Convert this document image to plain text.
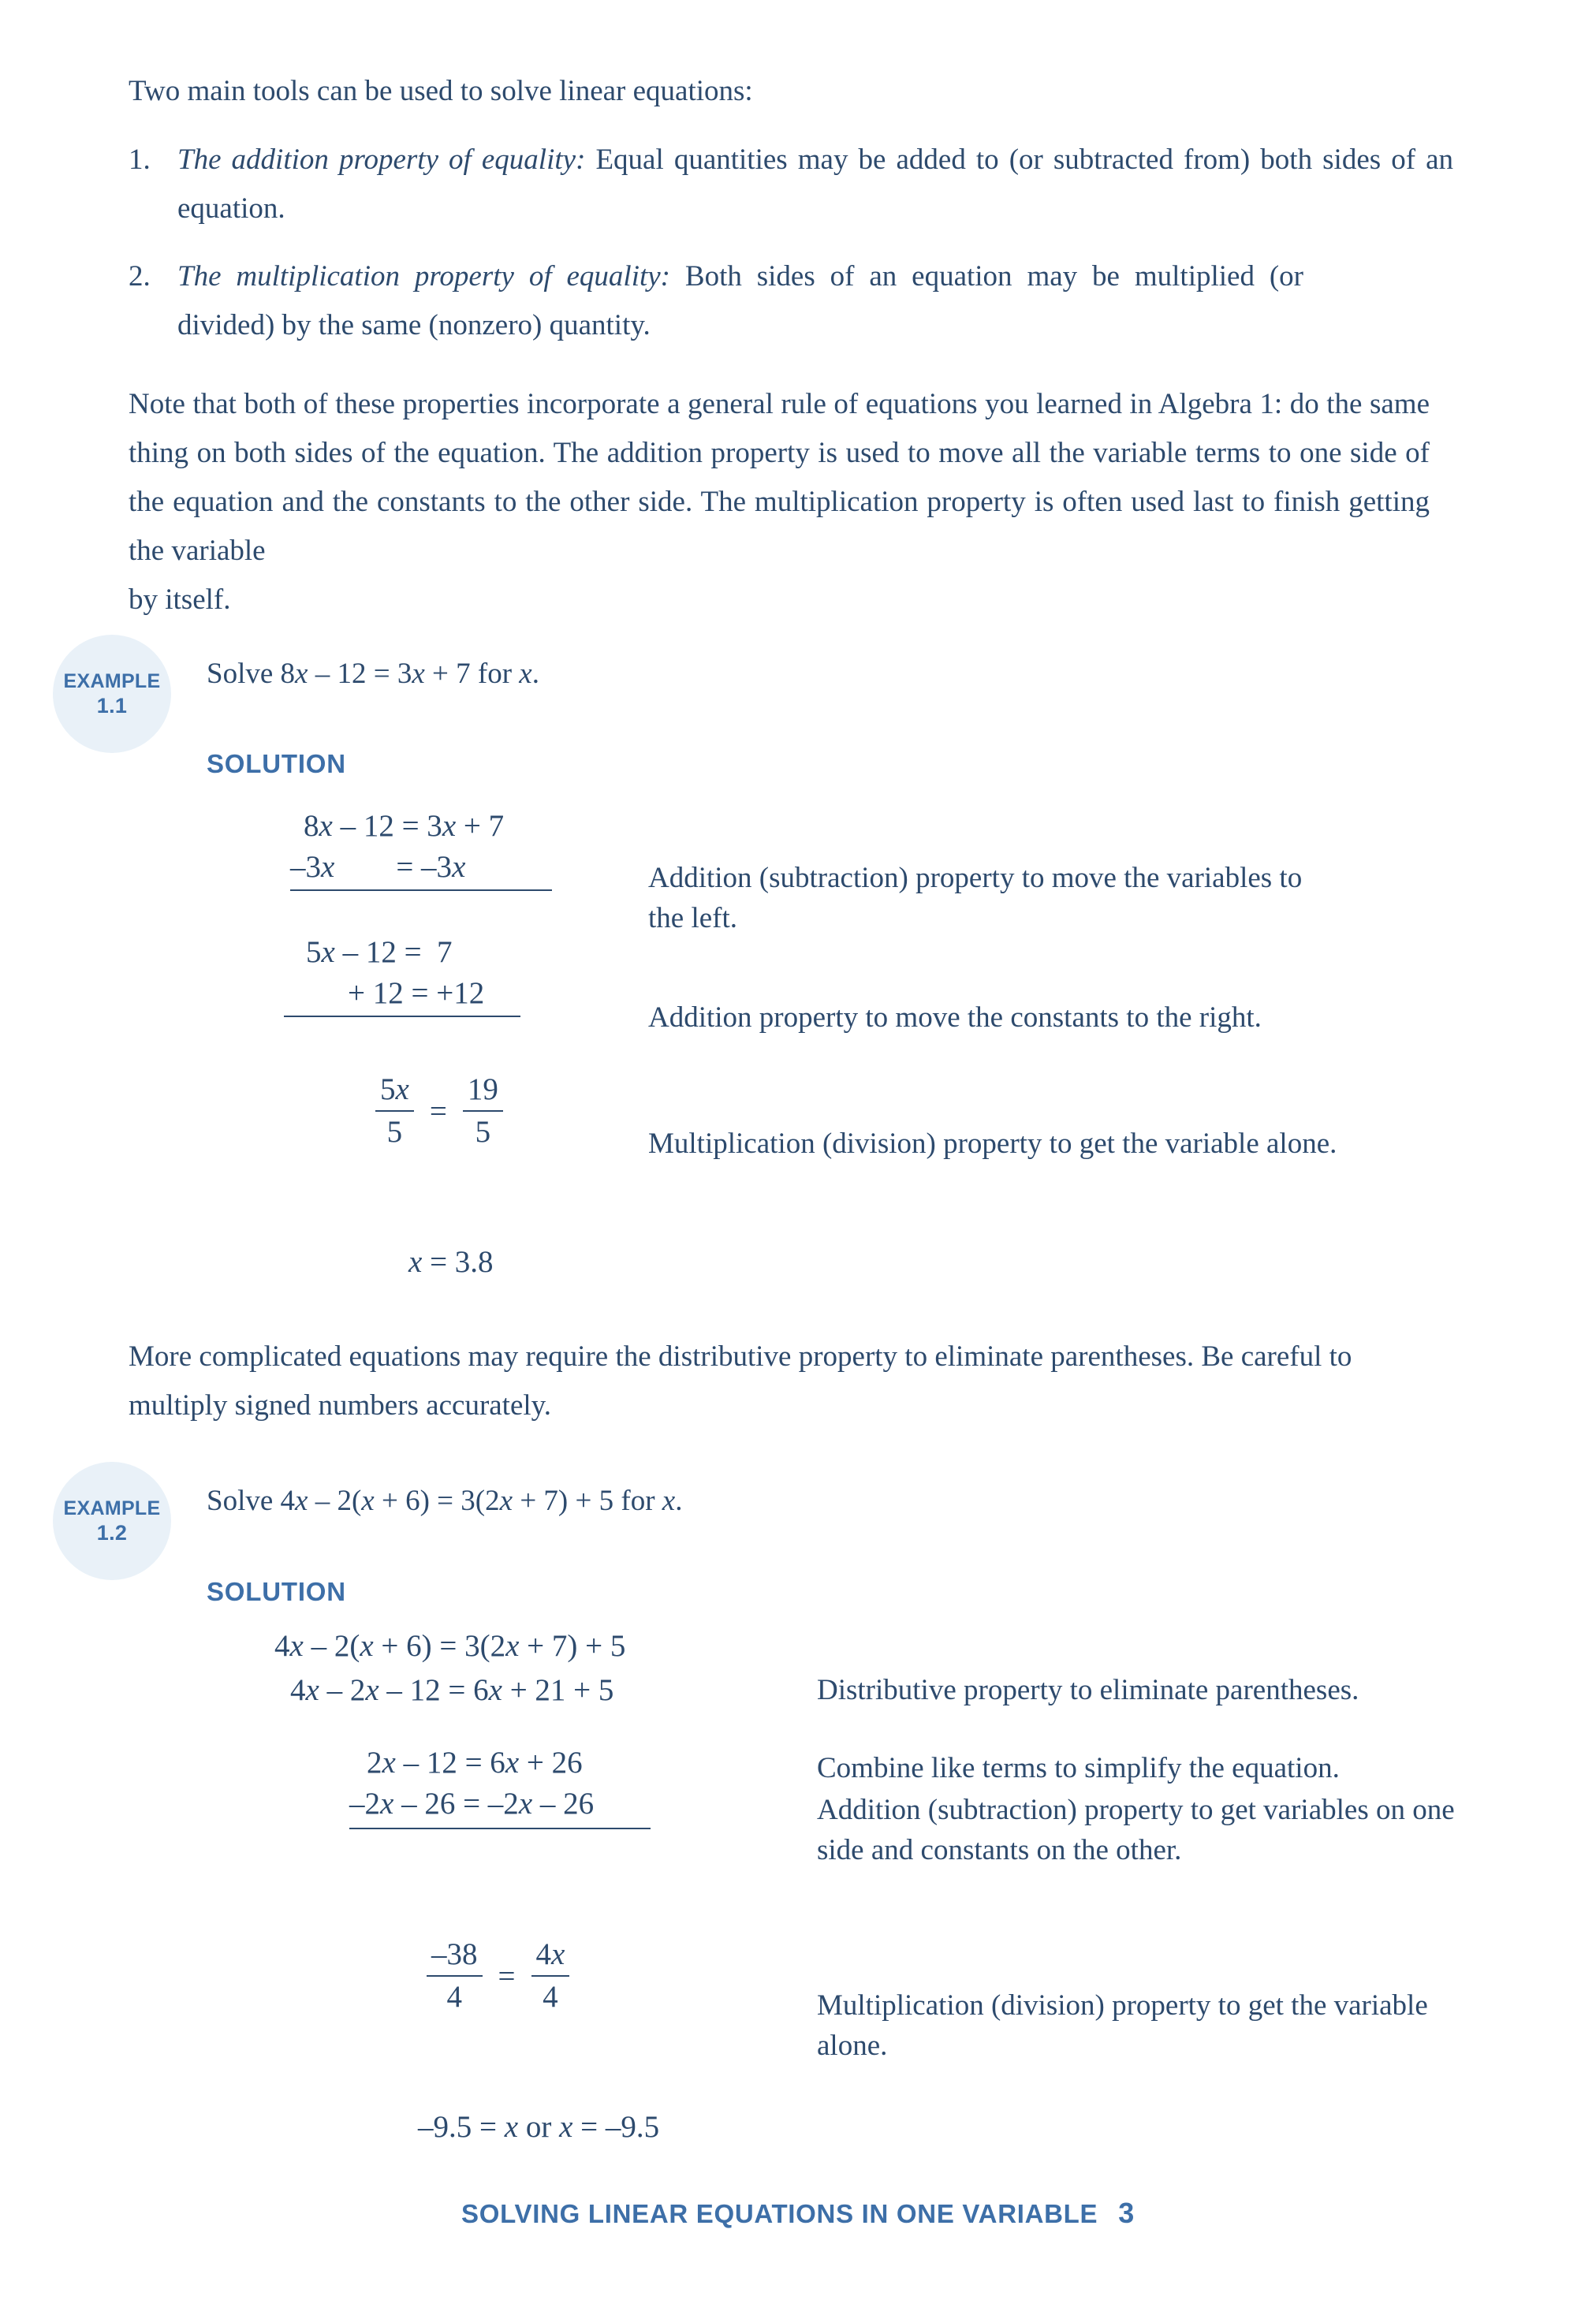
Two main tools can be used to solve linear equations:
1. The addition property of equality: Equal quantities may be added to (or subtracted from) both sides of an equation.
2. The multiplication property of equality: Both sides of an equation may be multiplied (or divided) by the same (nonzero) quantity.
Note that both of these properties incorporate a general rule of equations you learned in Algebra 1: do the same thing on both sides of the equation. The addition property is used to move all the variable terms to one side of the equation and the constants to the other side. The multiplication property is often used last to finish getting the variable
by itself.
EXAMPLE
1.1
Solve 8x – 12 = 3x + 7 for x.
SOLUTION
8x – 12 = 3x + 7
–3x        = –3x
5x – 12 =  7
+ 12 = +12
$\frac{5x}{5} = \frac{19}{5}$
x = 3.8
Addition (subtraction) property to move the variables to the left.
Addition property to move the constants to the right.
Multiplication (division) property to get the variable alone.
More complicated equations may require the distributive property to eliminate parentheses. Be careful to multiply signed numbers accurately.
EXAMPLE
1.2
Solve 4x – 2(x + 6) = 3(2x + 7) + 5 for x.
SOLUTION
4x – 2(x + 6) = 3(2x + 7) + 5
4x – 2x – 12 = 6x + 21 + 5
2x – 12 = 6x + 26
–2x – 26 = –2x – 26
$\frac{-38}{4} = \frac{4x}{4}$
–9.5 = x or x = –9.5
Distributive property to eliminate parentheses.
Combine like terms to simplify the equation.
Addition (subtraction) property to get variables on one side and constants on the other.
Multiplication (division) property to get the variable alone.
SOLVING LINEAR EQUATIONS IN ONE VARIABLE 3
